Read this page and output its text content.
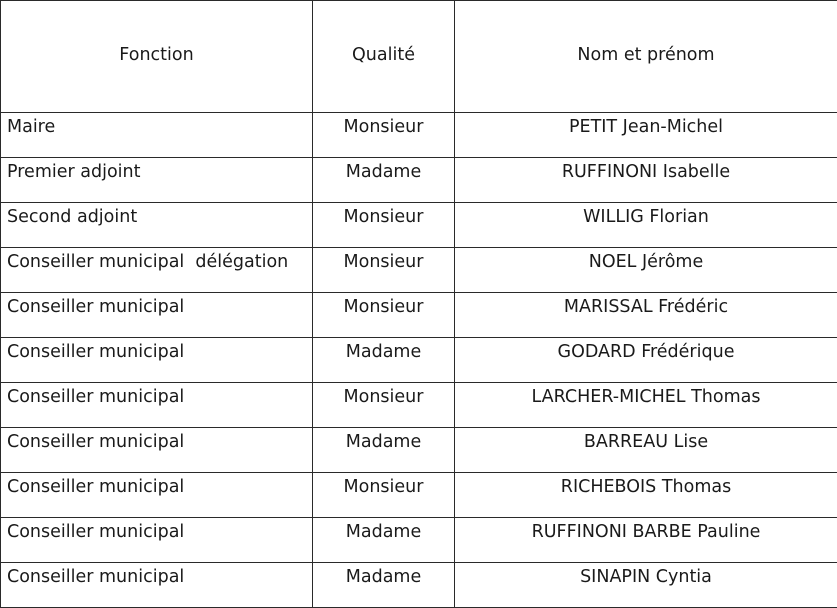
Fonction	Qualité	Nom et prénom
Maire	Monsieur	PETIT Jean-Michel
Premier adjoint	Madame	RUFFINONI Isabelle
Second adjoint	Monsieur	WILLIG Florian
Conseiller municipal  délégation	Monsieur	NOEL Jérôme
Conseiller municipal	Monsieur	MARISSAL Frédéric
Conseiller municipal	Madame	GODARD Frédérique
Conseiller municipal	Monsieur	LARCHER-MICHEL Thomas
Conseiller municipal	Madame	BARREAU Lise
Conseiller municipal	Monsieur	RICHEBOIS Thomas
Conseiller municipal	Madame	RUFFINONI BARBE Pauline
Conseiller municipal	Madame	SINAPIN Cyntia
